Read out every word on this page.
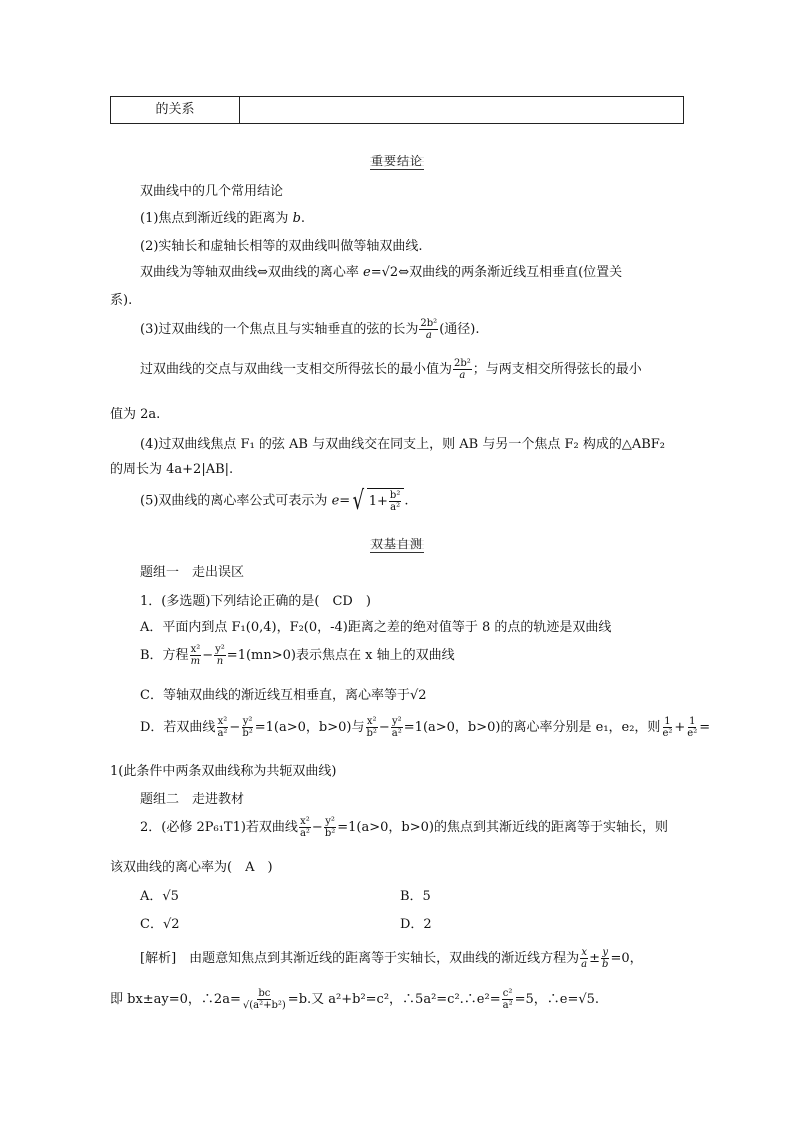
的关系
重要结论
双曲线中的几个常用结论
(1)焦点到渐近线的距离为 b.
(2)实轴长和虚轴长相等的双曲线叫做等轴双曲线.
双曲线为等轴双曲线⇔双曲线的离心率 e=√2⇔双曲线的两条渐近线互相垂直(位置关
系).
(3)过双曲线的一个焦点且与实轴垂直的弦的长为 $\frac{\text{2b²}}{a}$ (通径).
过双曲线的交点与双曲线一支相交所得弦长的最小值为 $\frac{\text{2b²}}{a}$ ；与两支相交所得弦长的最小
值为 2a.
(4)过双曲线焦点 F₁ 的弦 AB 与双曲线交在同支上，则 AB 与另一个焦点 F₂ 构成的△ABF₂
的周长为 4a+2|AB|.
(5)双曲线的离心率公式可表示为 e= √ $1+ \frac{\text{b²}}{\text{a²}}$ .
双基自测
题组一　走出误区
1．(多选题)下列结论正确的是(　CD　)
A．平面内到点 F₁(0,4)，F₂(0，-4)距离之差的绝对值等于 8 的点的轨迹是双曲线
B．方程 $\frac{\text{x²}}{m} - \frac{\text{y²}}{n} =1(mn>0)$表示焦点在 x 轴上的双曲线
C．等轴双曲线的渐近线互相垂直，离心率等于√2
D．若双曲线 $\frac{\text{x²}}{\text{a²}} - \frac{\text{y²}}{\text{b²}} =1(a>0$，b>0)与 $\frac{\text{x²}}{\text{b²}} - \frac{\text{y²}}{\text{a²}} =1(a>0$，b>0)的离心率分别是 e₁，e₂，则 $\frac{1}{\text{e²}} + \frac{1}{\text{e²}}$ =
1(此条件中两条双曲线称为共轭双曲线)
题组二　走进教材
2．(必修 2P₆₁T1)若双曲线 $\frac{\text{x²}}{\text{a²}} - \frac{\text{y²}}{\text{b²}} =1(a>0$，b>0)的焦点到其渐近线的距离等于实轴长，则
该双曲线的离心率为(　A　)
A．√5	B．5
C．√2	D．2
[解析]　由题意知焦点到其渐近线的距离等于实轴长，双曲线的渐近线方程为 $\frac{x}{a} \pm \frac{y}{b} =0$，
即 bx±ay=0，∴2a= $\frac{bc}{\text{√(a²+b²)}} =b$.又 a²+b²=c²，∴5a²=c².∴e²= $\frac{\text{c²}}{\text{a²}} =5$，∴e=√5.
